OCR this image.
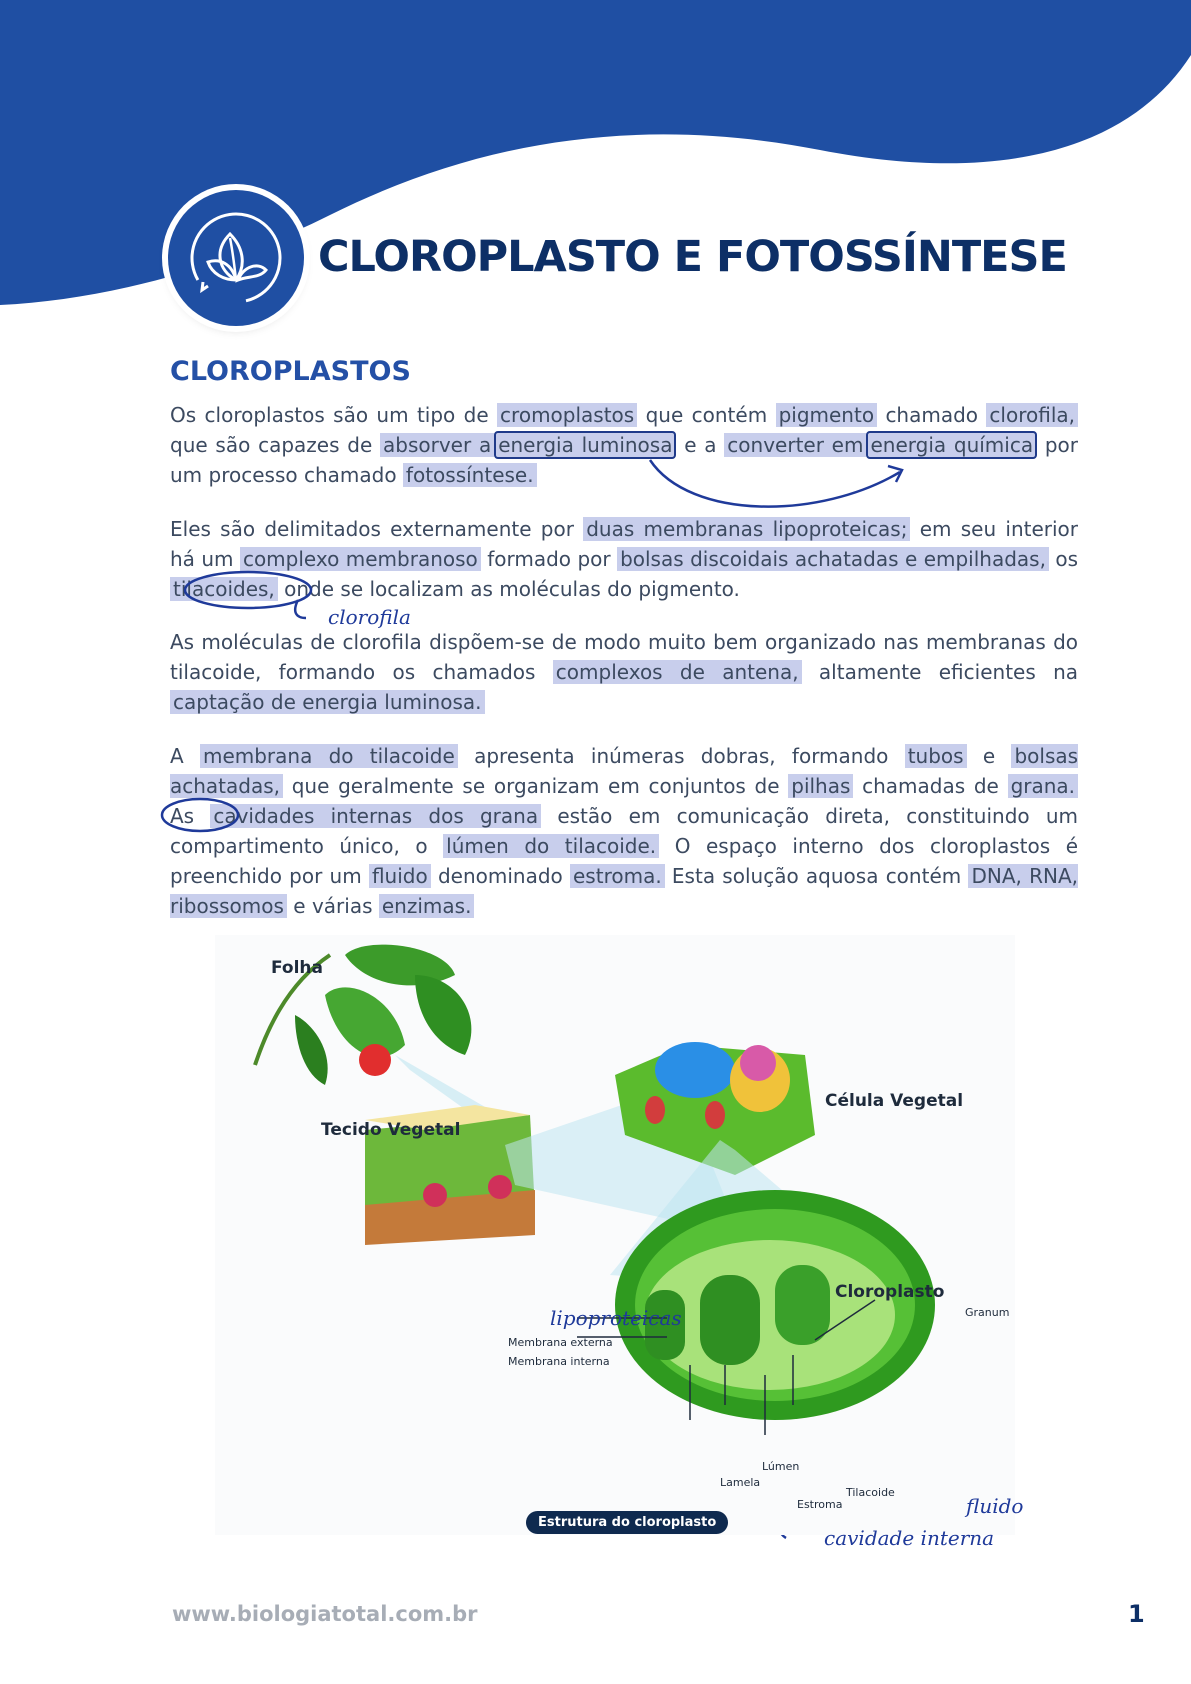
CLOROPLASTO E FOTOSSÍNTESE
CLOROPLASTOS

Os cloroplastos são um tipo de cromoplastos que contém pigmento chamado clorofila, que são capazes de absorver a energia luminosa e a converter em energia química por um processo chamado fotossíntese.

Eles são delimitados externamente por duas membranas lipoproteicas; em seu interior há um complexo membranoso formado por bolsas discoidais achatadas e empilhadas, os tilacoides, onde se localizam as moléculas do pigmento.

As moléculas de clorofila dispõem-se de modo muito bem organizado nas membranas do tilacoide, formando os chamados complexos de antena, altamente eficientes na captação de energia luminosa.

A membrana do tilacoide apresenta inúmeras dobras, formando tubos e bolsas achatadas, que geralmente se organizam em conjuntos de pilhas chamadas de grana. As cavidades internas dos grana estão em comunicação direta, constituindo um compartimento único, o lúmen do tilacoide. O espaço interno dos cloroplastos é preenchido por um fluido denominado estroma. Esta solução aquosa contém DNA, RNA, ribossomos e várias enzimas.

clorofila
Folha
Tecido Vegetal
Célula Vegetal
Cloroplasto
Granum
Membrana externa
Membrana interna
Lúmen
Lamela
Tilacoide
Estroma
Estrutura do cloroplasto
lipoproteicas
fluido
cavidade interna
www.biologiatotal.com.br	1
